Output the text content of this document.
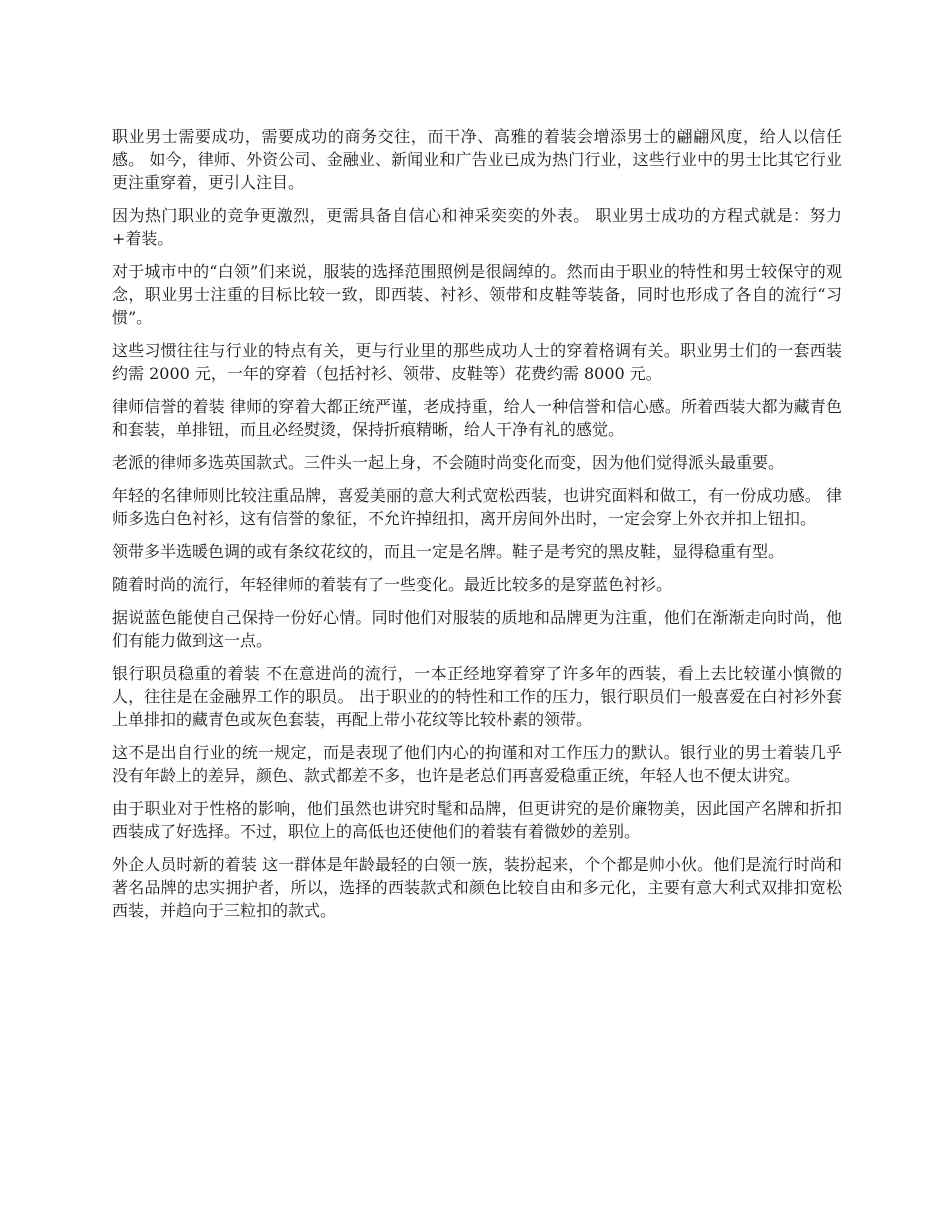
职业男士需要成功，需要成功的商务交往，而干净、高雅的着装会增添男士的翩翩风度，给人以信任感。 如今，律师、外资公司、金融业、新闻业和广告业已成为热门行业，这些行业中的男士比其它行业更注重穿着，更引人注目。

因为热门职业的竞争更激烈，更需具备自信心和神采奕奕的外表。 职业男士成功的方程式就是：努力+着装。

对于城市中的“白领”们来说，服装的选择范围照例是很阔绰的。然而由于职业的特性和男士较保守的观念，职业男士注重的目标比较一致，即西装、衬衫、领带和皮鞋等装备，同时也形成了各自的流行“习惯”。

这些习惯往往与行业的特点有关，更与行业里的那些成功人士的穿着格调有关。职业男士们的一套西装约需 2000 元，一年的穿着（包括衬衫、领带、皮鞋等）花费约需 8000 元。

律师信誉的着装 律师的穿着大都正统严谨，老成持重，给人一种信誉和信心感。所着西装大都为藏青色和套装，单排钮，而且必经熨烫，保持折痕精晰，给人干净有礼的感觉。

老派的律师多选英国款式。三件头一起上身，不会随时尚变化而变，因为他们觉得派头最重要。

年轻的名律师则比较注重品牌，喜爱美丽的意大利式宽松西装，也讲究面料和做工，有一份成功感。 律师多选白色衬衫，这有信誉的象征，不允许掉纽扣，离开房间外出时，一定会穿上外衣并扣上钮扣。

领带多半选暖色调的或有条纹花纹的，而且一定是名牌。鞋子是考究的黑皮鞋，显得稳重有型。

随着时尚的流行，年轻律师的着装有了一些变化。最近比较多的是穿蓝色衬衫。

据说蓝色能使自己保持一份好心情。同时他们对服装的质地和品牌更为注重，他们在渐渐走向时尚，他们有能力做到这一点。

银行职员稳重的着装 不在意进尚的流行，一本正经地穿着穿了许多年的西装，看上去比较谨小慎微的人，往往是在金融界工作的职员。 出于职业的的特性和工作的压力，银行职员们一般喜爱在白衬衫外套上单排扣的藏青色或灰色套装，再配上带小花纹等比较朴素的领带。

这不是出自行业的统一规定，而是表现了他们内心的拘谨和对工作压力的默认。银行业的男士着装几乎没有年龄上的差异，颜色、款式都差不多，也许是老总们再喜爱稳重正统，年轻人也不便太讲究。

由于职业对于性格的影响，他们虽然也讲究时髦和品牌，但更讲究的是价廉物美，因此国产名牌和折扣西装成了好选择。不过，职位上的高低也还使他们的着装有着微妙的差别。

外企人员时新的着装 这一群体是年龄最轻的白领一族，装扮起来，个个都是帅小伙。他们是流行时尚和著名品牌的忠实拥护者，所以，选择的西装款式和颜色比较自由和多元化，主要有意大利式双排扣宽松西装，并趋向于三粒扣的款式。
